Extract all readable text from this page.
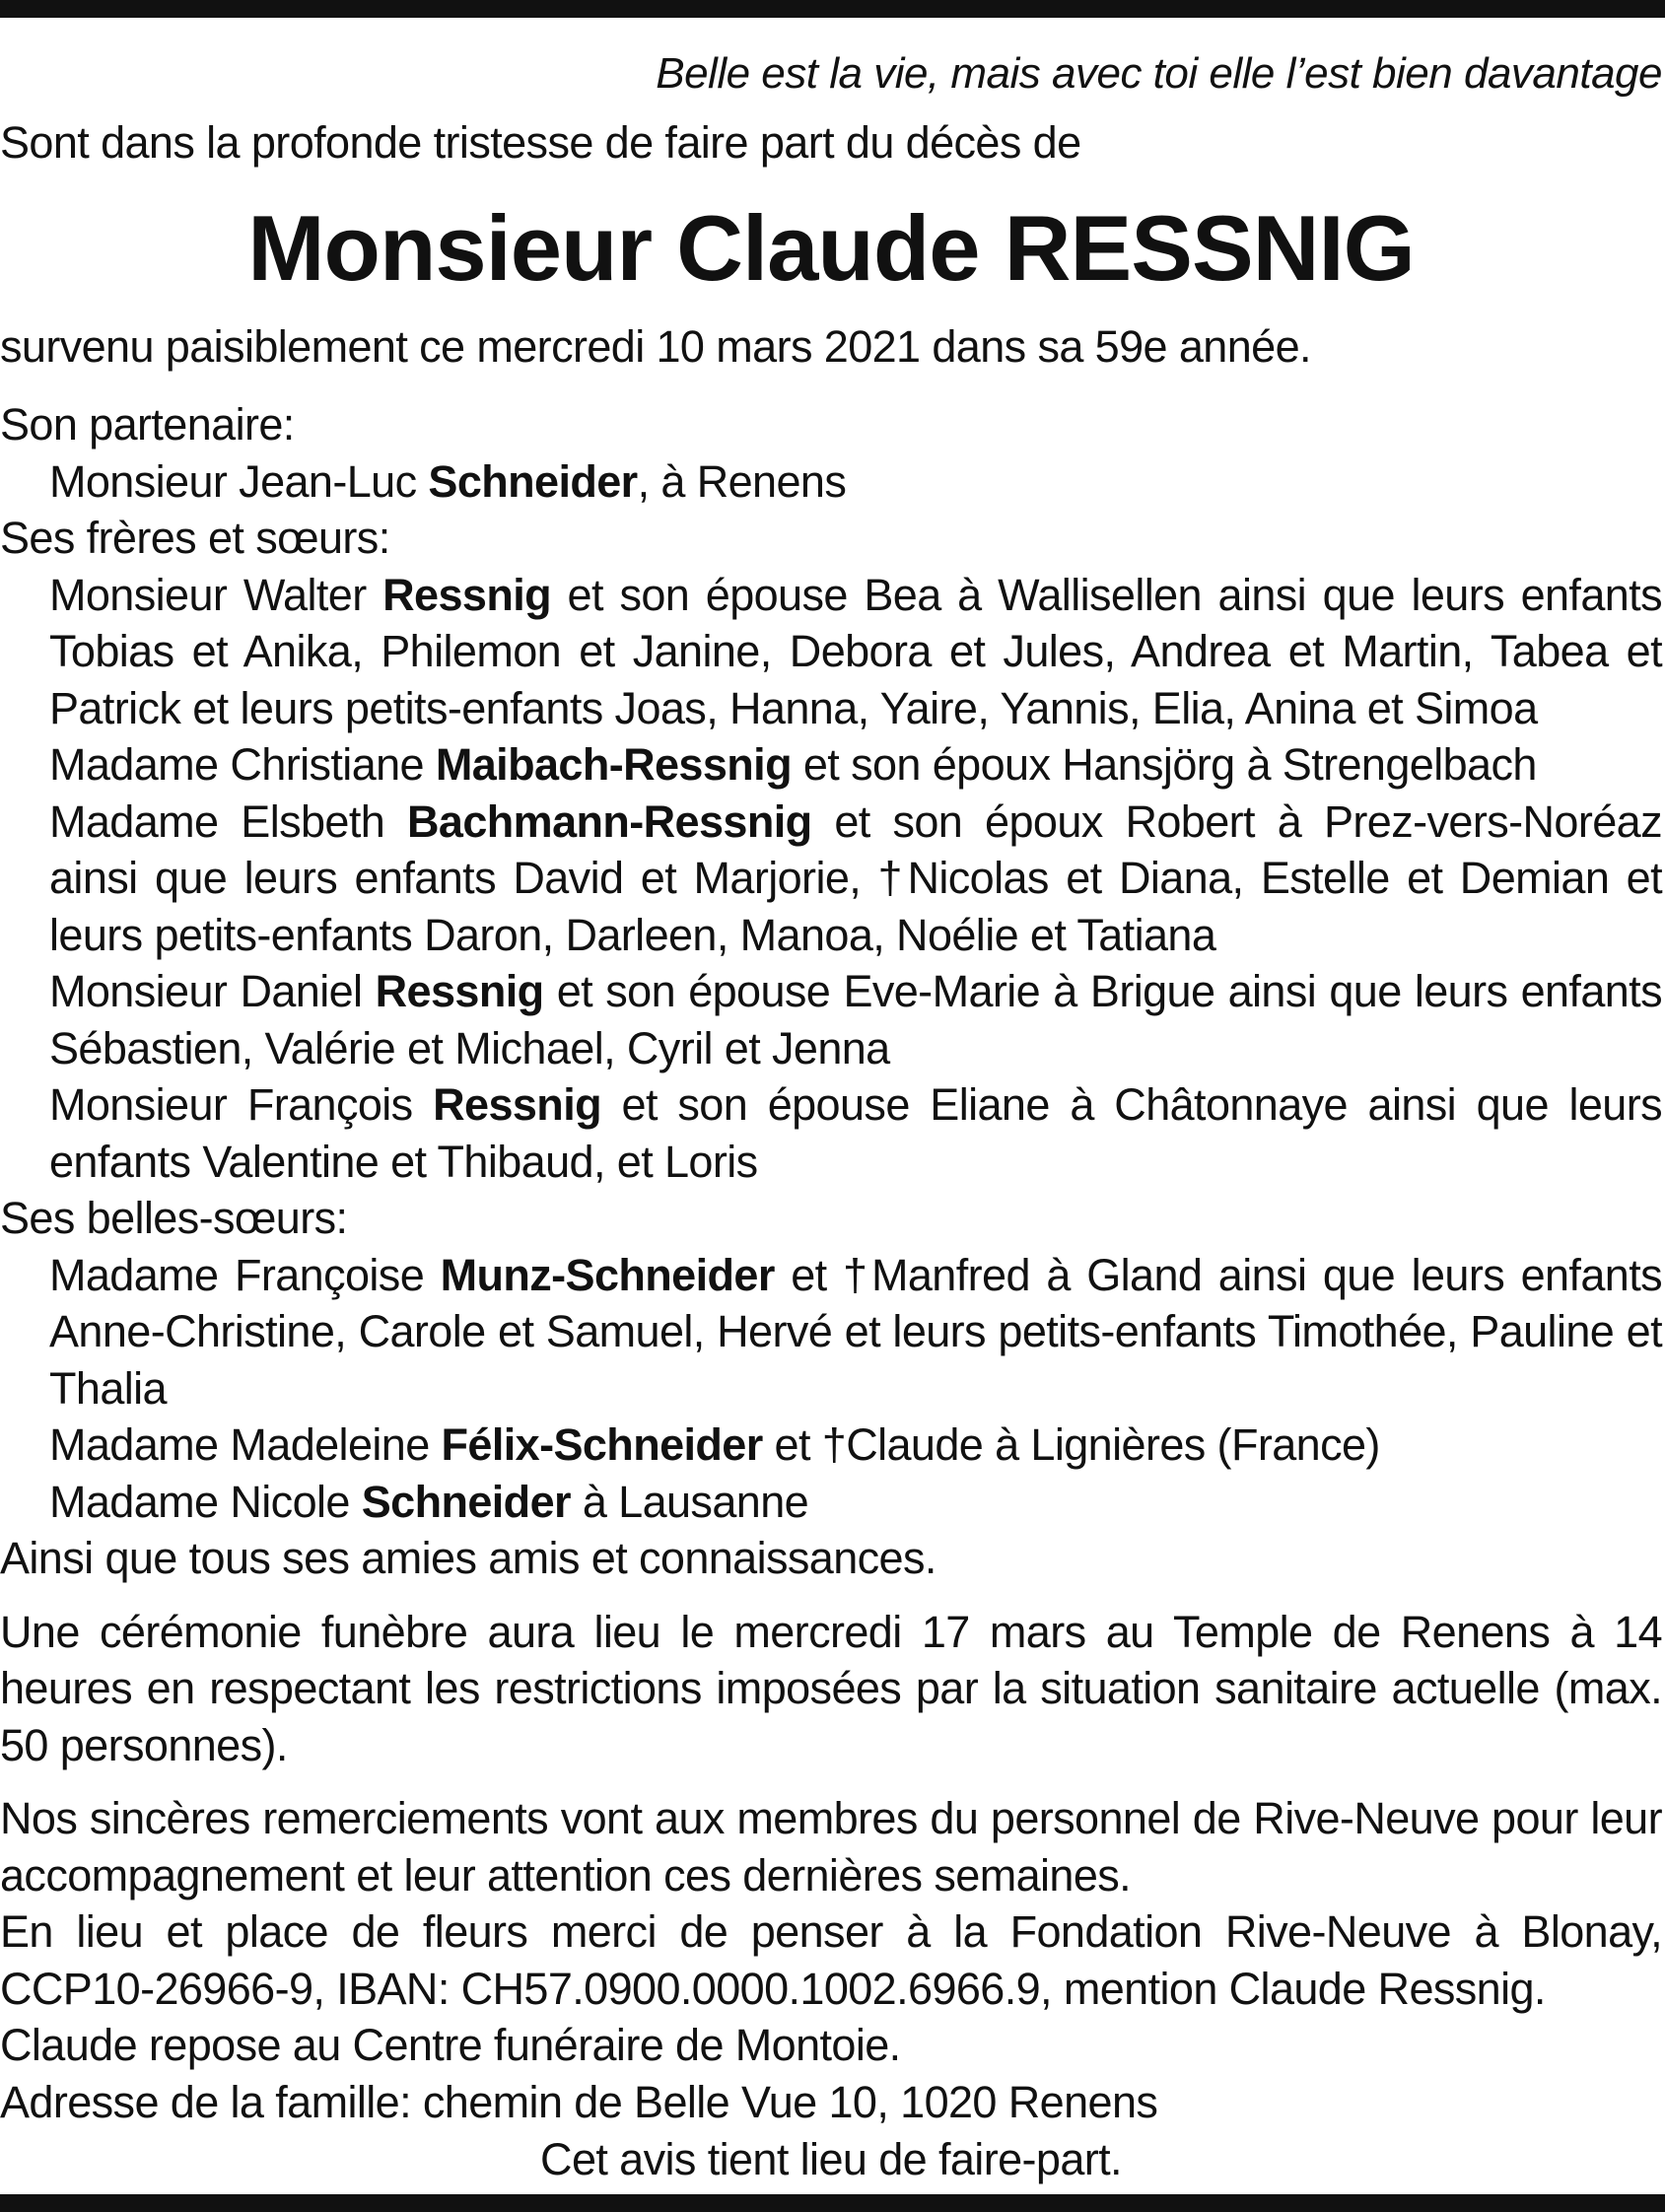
Belle est la vie, mais avec toi elle l’est bien davantage

Sont dans la profonde tristesse de faire part du décès de

Monsieur Claude RESSNIG

survenu paisiblement ce mercredi 10 mars 2021 dans sa 59e année.

Son partenaire:

Monsieur Jean-Luc Schneider, à Renens

Ses frères et sœurs:

Monsieur Walter Ressnig et son épouse Bea à Wallisellen ainsi que leurs enfants Tobias et Anika, Philemon et Janine, Debora et Jules, Andrea et Martin, Tabea et Patrick et leurs petits-enfants Joas, Hanna, Yaire, Yannis, Elia, Anina et Simoa

Madame Christiane Maibach-Ressnig et son époux Hansjörg à Strengelbach

Madame Elsbeth Bachmann-Ressnig et son époux Robert à Prez-vers-Noréaz ainsi que leurs enfants David et Marjorie, †Nicolas et Diana, Estelle et Demian et leurs petits-enfants Daron, Darleen, Manoa, Noélie et Tatiana

Monsieur Daniel Ressnig et son épouse Eve-Marie à Brigue ainsi que leurs enfants Sébastien, Valérie et Michael, Cyril et Jenna

Monsieur François Ressnig et son épouse Eliane à Châtonnaye ainsi que leurs enfants Valentine et Thibaud, et Loris

Ses belles-sœurs:

Madame Françoise Munz-Schneider et †Manfred à Gland ainsi que leurs enfants Anne-Christine, Carole et Samuel, Hervé et leurs petits-enfants Timothée, Pauline et Thalia

Madame Madeleine Félix-Schneider et †Claude à Lignières (France)

Madame Nicole Schneider à Lausanne

Ainsi que tous ses amies amis et connaissances.

Une cérémonie funèbre aura lieu le mercredi 17 mars au Temple de Renens à 14 heures en respectant les restrictions imposées par la situation sanitaire actuelle (max. 50 personnes).

Nos sincères remerciements vont aux membres du personnel de Rive-Neuve pour leur accompagnement et leur attention ces dernières semaines.

En lieu et place de fleurs merci de penser à la Fondation Rive-Neuve à Blonay, CCP10-26966-9, IBAN: CH57.0900.0000.1002.6966.9, mention Claude Ressnig.

Claude repose au Centre funéraire de Montoie.

Adresse de la famille: chemin de Belle Vue 10, 1020 Renens

Cet avis tient lieu de faire-part.
